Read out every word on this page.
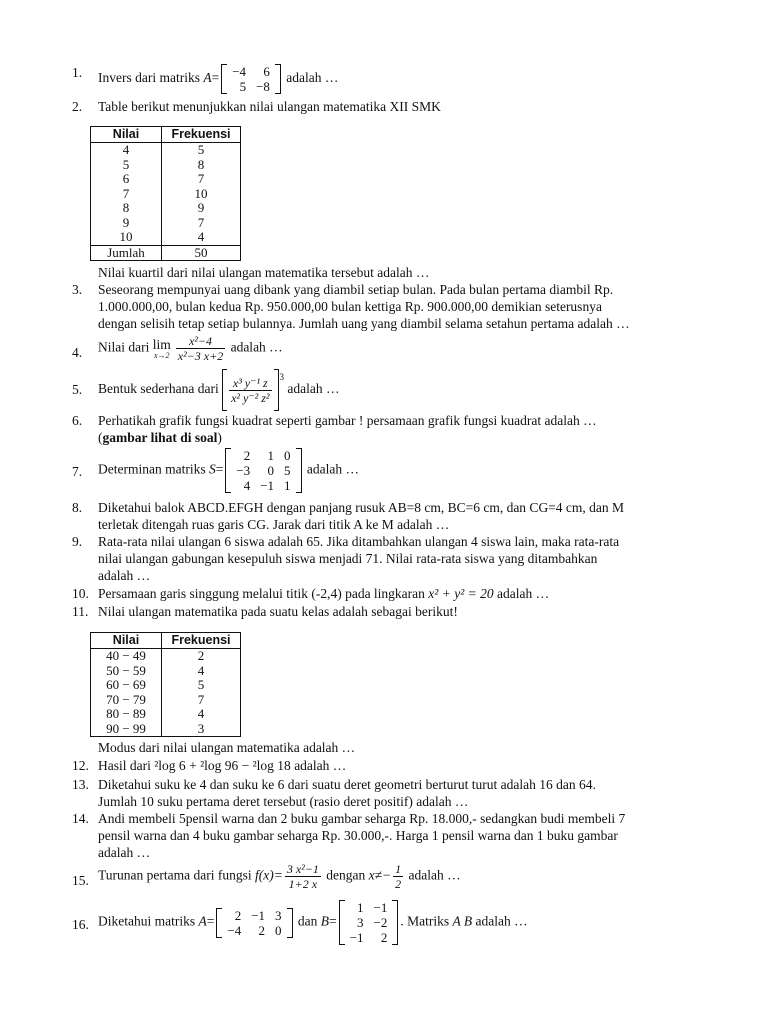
1.	Invers dari matriks A= −4	6
5	−8
adalah …
2.	Table berikut menunjukkan nilai ulangan matematika XII SMK
Nilai	Frekuensi
4	5
5	8
6	7
7	10
8	9
9	7
10	4
Jumlah	50
Nilai kuartil dari nilai ulangan matematika tersebut adalah …
3.	Seseorang mempunyai uang dibank yang diambil setiap bulan. Pada bulan pertama diambil Rp.
1.000.000,00, bulan kedua Rp. 950.000,00 bulan kettiga Rp. 900.000,00 demikian seterusnya
dengan selisih tetap setiap bulannya. Jumlah uang yang diambil selama setahun pertama adalah …
4.	Nilai dari lim
$x\to 2 \frac{\text{x²−4}}{\text{x²−3 x+2}}$ adalah …
5.	Bentuk sederhana dari $\frac{\text{x³ y⁻¹ z}}{\text{x² y⁻² z²}} ^3$
adalah …
6.	Perhatikah grafik fungsi kuadrat seperti gambar ! persamaan grafik fungsi kuadrat adalah …
(gambar lihat di soal)
7.	Determinan matriks S=
2	1	0
−3	0	5
4	−1	1
adalah …
8.	Diketahui balok ABCD.EFGH dengan panjang rusuk AB=8 cm, BC=6 cm, dan CG=4 cm, dan M
terletak ditengah ruas garis CG. Jarak dari titik A ke M adalah …
9.	Rata-rata nilai ulangan 6 siswa adalah 65. Jika ditambahkan ulangan 4 siswa lain, maka rata-rata
nilai ulangan gabungan kesepuluh siswa menjadi 71. Nilai rata-rata siswa yang ditambahkan
adalah …
10. Persamaan garis singgung melalui titik (-2,4) pada lingkaran x² + y² = 20 adalah …
11. Nilai ulangan matematika pada suatu kelas adalah sebagai berikut!
Nilai	Frekuensi
40 − 49	2
50 − 59	4
60 − 69	5
70 − 79	7
80 − 89	4
90 − 99	3
Modus dari nilai ulangan matematika adalah …
12. Hasil dari ²log 6 + ²log 96 − ²log 18 adalah …
13. Diketahui suku ke 4 dan suku ke 6 dari suatu deret geometri berturut turut adalah 16 dan 64.
Jumlah 10 suku pertama deret tersebut (rasio deret positif) adalah …
14. Andi membeli 5pensil warna dan 2 buku gambar seharga Rp. 18.000,- sedangkan budi membeli 7
pensil warna dan 4 buku gambar seharga Rp. 30.000,-. Harga 1 pensil warna dan 1 buku gambar
adalah …
15. Turunan pertama dari fungsi $f(x)= \frac{\text{3 x²−1}}{1+2 x}$ dengan $x\ne- \frac{1}{2}$ adalah …
16. Diketahui matriks A= 2	−1	3
−4	2	0
dan B=
1	−1
3	−2
−1	2
. Matriks A B adalah …
